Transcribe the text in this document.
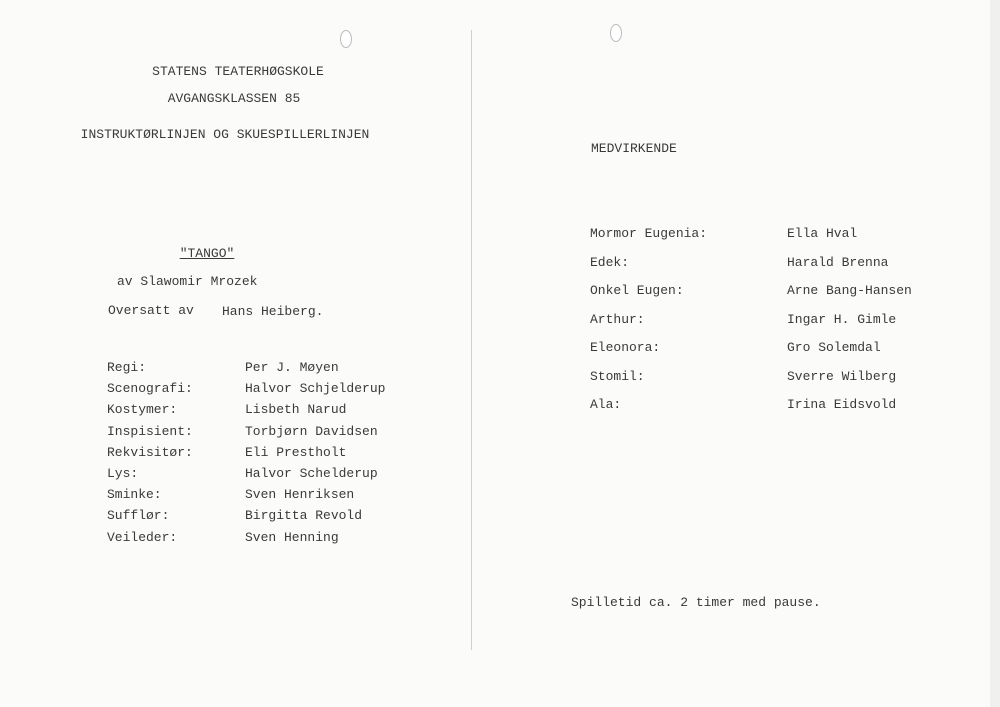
STATENS TEATERHØGSKOLE
AVGANGSKLASSEN 85
INSTRUKTØRLINJEN OG SKUESPILLERLINJEN
"TANGO"
av Slawomir Mrozek
Oversatt av Hans Heiberg.
Regi:	Per J. Møyen
Scenografi:	Halvor Schjelderup
Kostymer:	Lisbeth Narud
Inspisient:	Torbjørn Davidsen
Rekvisitør:	Eli Prestholt
Lys:	Halvor Schelderup
Sminke:	Sven Henriksen
Sufflør:	Birgitta Revold
Veileder:	Sven Henning
Mormor Eugenia:	Ella Hval
Edek:	Harald Brenna
Onkel Eugen:	Arne Bang-Hansen
Arthur:	Ingar H. Gimle
Eleonora:	Gro Solemdal
Stomil:	Sverre Wilberg
Ala:	Irina Eidsvold
MEDVIRKENDE
Spilletid ca. 2 timer med pause.
